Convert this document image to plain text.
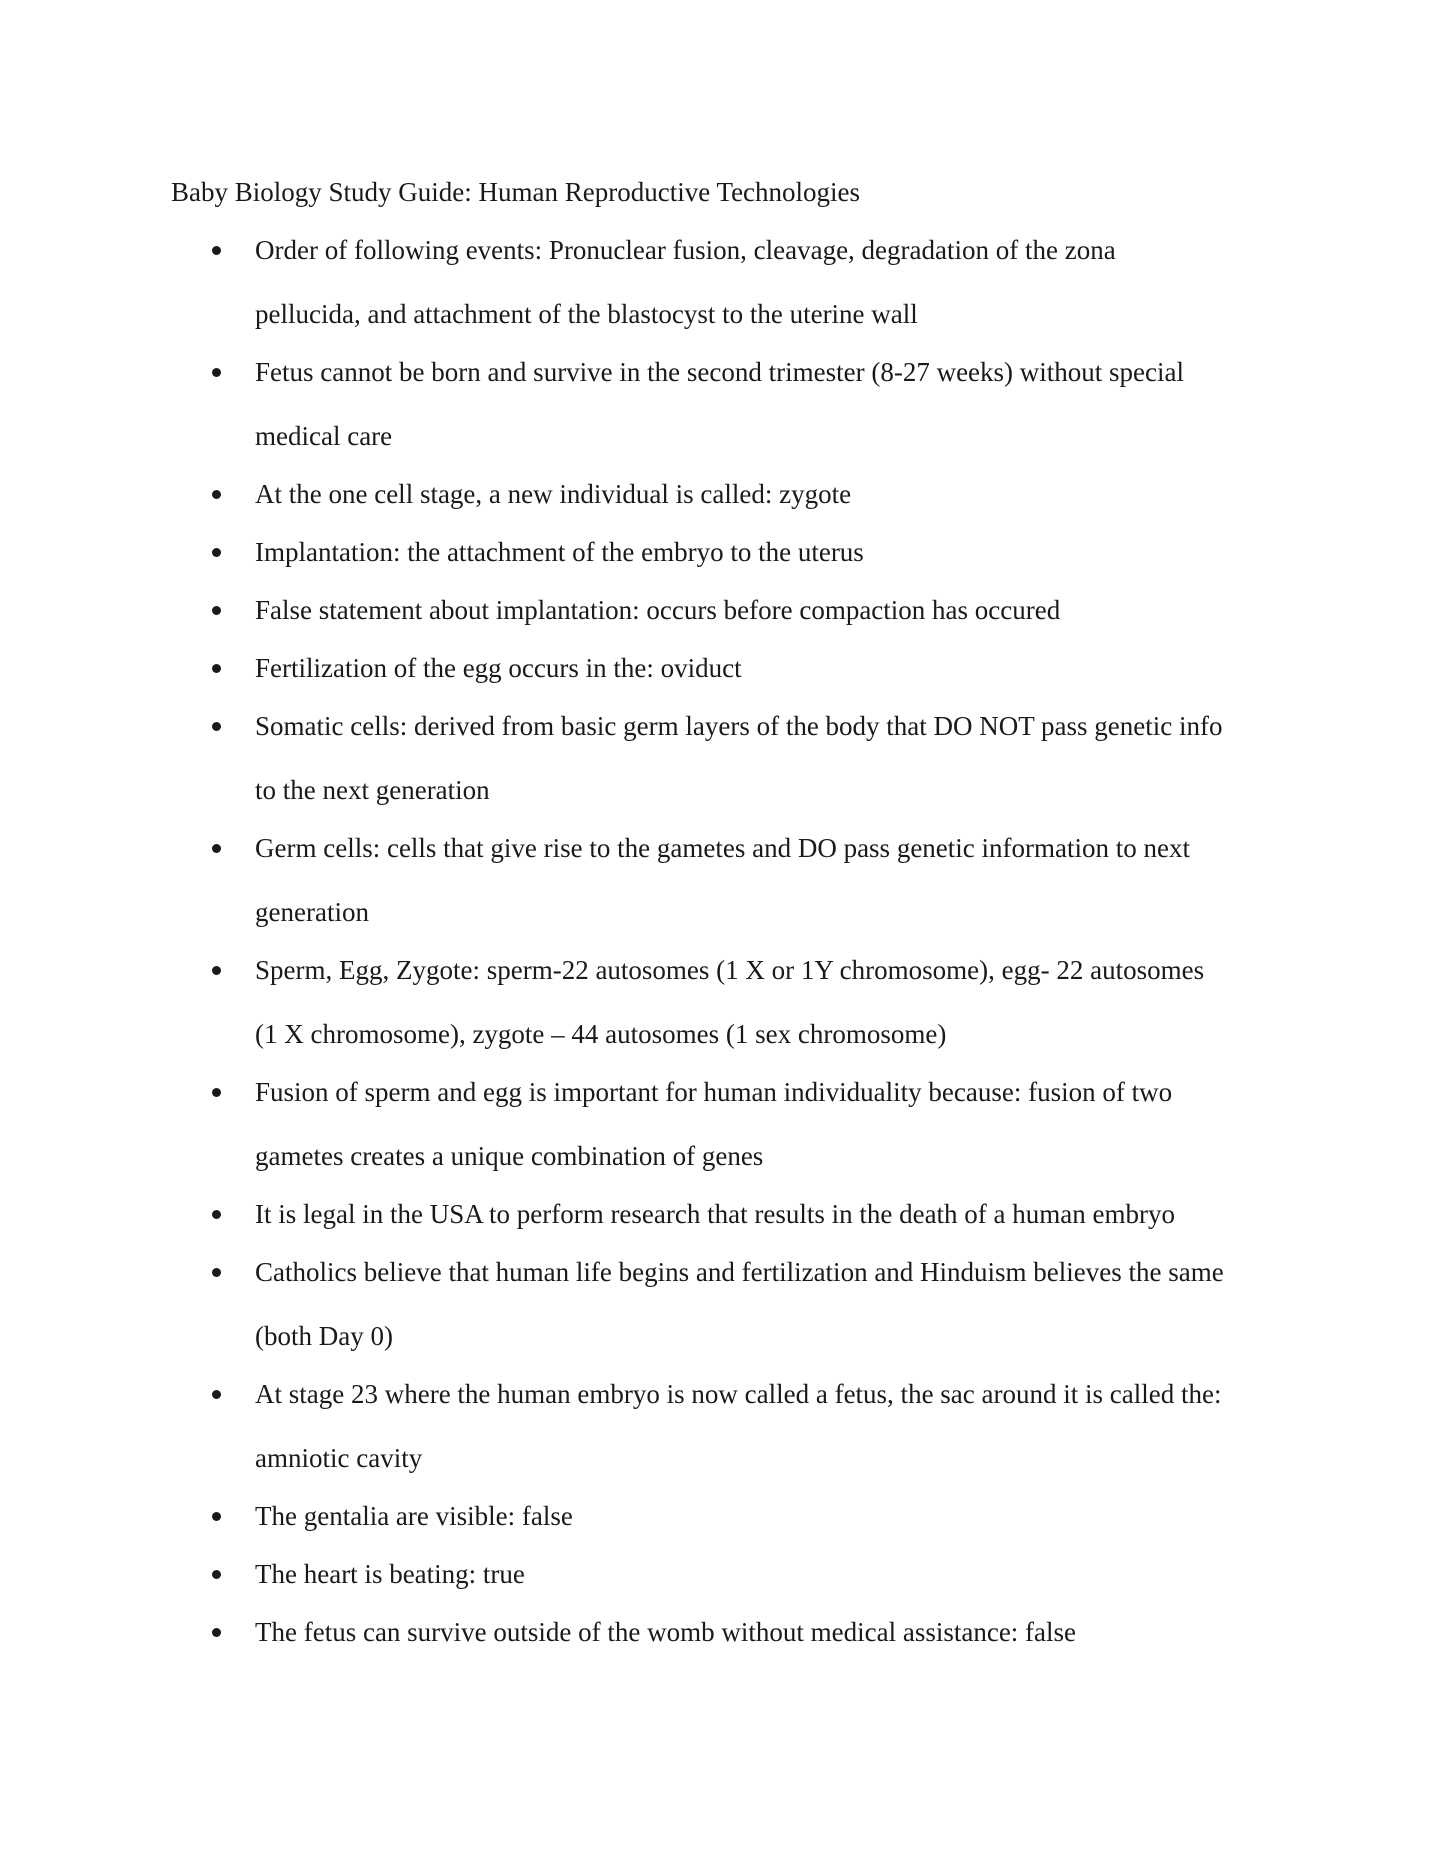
Baby Biology Study Guide: Human Reproductive Technologies
Order of following events: Pronuclear fusion, cleavage, degradation of the zona
pellucida, and attachment of the blastocyst to the uterine wall
Fetus cannot be born and survive in the second trimester (8-27 weeks) without special
medical care
At the one cell stage, a new individual is called: zygote
Implantation: the attachment of the embryo to the uterus
False statement about implantation: occurs before compaction has occured
Fertilization of the egg occurs in the: oviduct
Somatic cells: derived from basic germ layers of the body that DO NOT pass genetic info
to the next generation
Germ cells: cells that give rise to the gametes and DO pass genetic information to next
generation
Sperm, Egg, Zygote: sperm-22 autosomes (1 X or 1Y chromosome), egg- 22 autosomes
(1 X chromosome), zygote – 44 autosomes (1 sex chromosome)
Fusion of sperm and egg is important for human individuality because: fusion of two
gametes creates a unique combination of genes
It is legal in the USA to perform research that results in the death of a human embryo
Catholics believe that human life begins and fertilization and Hinduism believes the same
(both Day 0)
At stage 23 where the human embryo is now called a fetus, the sac around it is called the:
amniotic cavity
The gentalia are visible: false
The heart is beating: true
The fetus can survive outside of the womb without medical assistance: false
